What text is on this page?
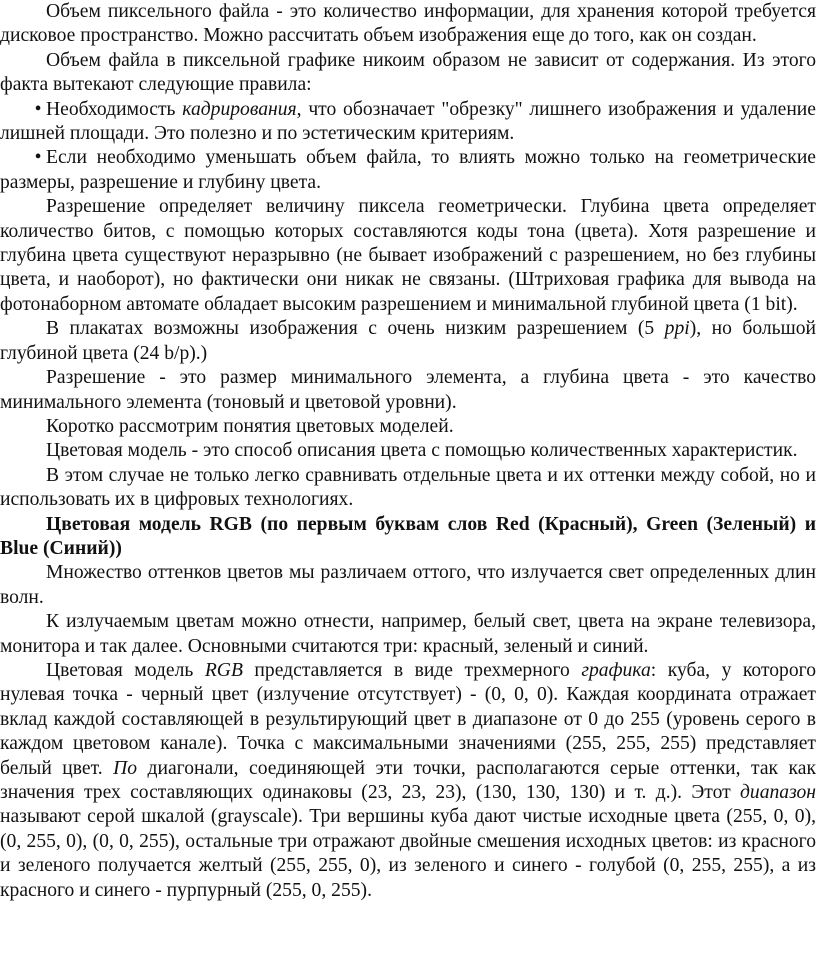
Объем пиксельного файла - это количество информации, для хранения которой требуется дисковое пространство. Можно рассчитать объем изображения еще до того, как он создан.

Объем файла в пиксельной графике никоим образом не зависит от содержания. Из этого факта вытекают следующие правила:

• Необходимость кадрирования, что обозначает "обрезку" лишнего изображения и удаление лишней площади. Это полезно и по эстетическим критериям.

• Если необходимо уменьшать объем файла, то влиять можно только на геометрические размеры, разрешение и глубину цвета.

Разрешение определяет величину пиксела геометрически. Глубина цвета определяет количество битов, с помощью которых составляются коды тона (цвета). Хотя разрешение и глубина цвета существуют неразрывно (не бывает изображений с разрешением, но без глубины цвета, и наоборот), но фактически они никак не связаны. (Штриховая графика для вывода на фотонаборном автомате обладает высоким разрешением и минимальной глубиной цвета (1 bit).

В плакатах возможны изображения с очень низким разрешением (5 ppi), но большой глубиной цвета (24 b/p).)

Разрешение - это размер минимального элемента, а глубина цвета - это качество минимального элемента (тоновый и цветовой уровни).

Коротко рассмотрим понятия цветовых моделей.

Цветовая модель - это способ описания цвета с помощью количественных характеристик.

В этом случае не только легко сравнивать отдельные цвета и их оттенки между собой, но и использовать их в цифровых технологиях.

Цветовая модель RGB (по первым буквам слов Red (Красный), Green (Зеленый) и Blue (Синий))

Множество оттенков цветов мы различаем оттого, что излучается свет определенных длин волн.

К излучаемым цветам можно отнести, например, белый свет, цвета на экране телевизора, монитора и так далее. Основными считаются три: красный, зеленый и синий.

Цветовая модель RGB представляется в виде трехмерного графика: куба, у которого нулевая точка - черный цвет (излучение отсутствует) - (0, 0, 0). Каждая координата отражает вклад каждой составляющей в результирующий цвет в диапазоне от 0 до 255 (уровень серого в каждом цветовом канале). Точка с максимальными значениями (255, 255, 255) представляет белый цвет. По диагонали, соединяющей эти точки, располагаются серые оттенки, так как значения трех составляющих одинаковы (23, 23, 23), (130, 130, 130) и т. д.). Этот диапазон называют серой шкалой (grayscale). Три вершины куба дают чистые исходные цвета (255, 0, 0), (0, 255, 0), (0, 0, 255), остальные три отражают двойные смешения исходных цветов: из красного и зеленого получается желтый (255, 255, 0), из зеленого и синего - голубой (0, 255, 255), а из красного и синего - пурпурный (255, 0, 255).
